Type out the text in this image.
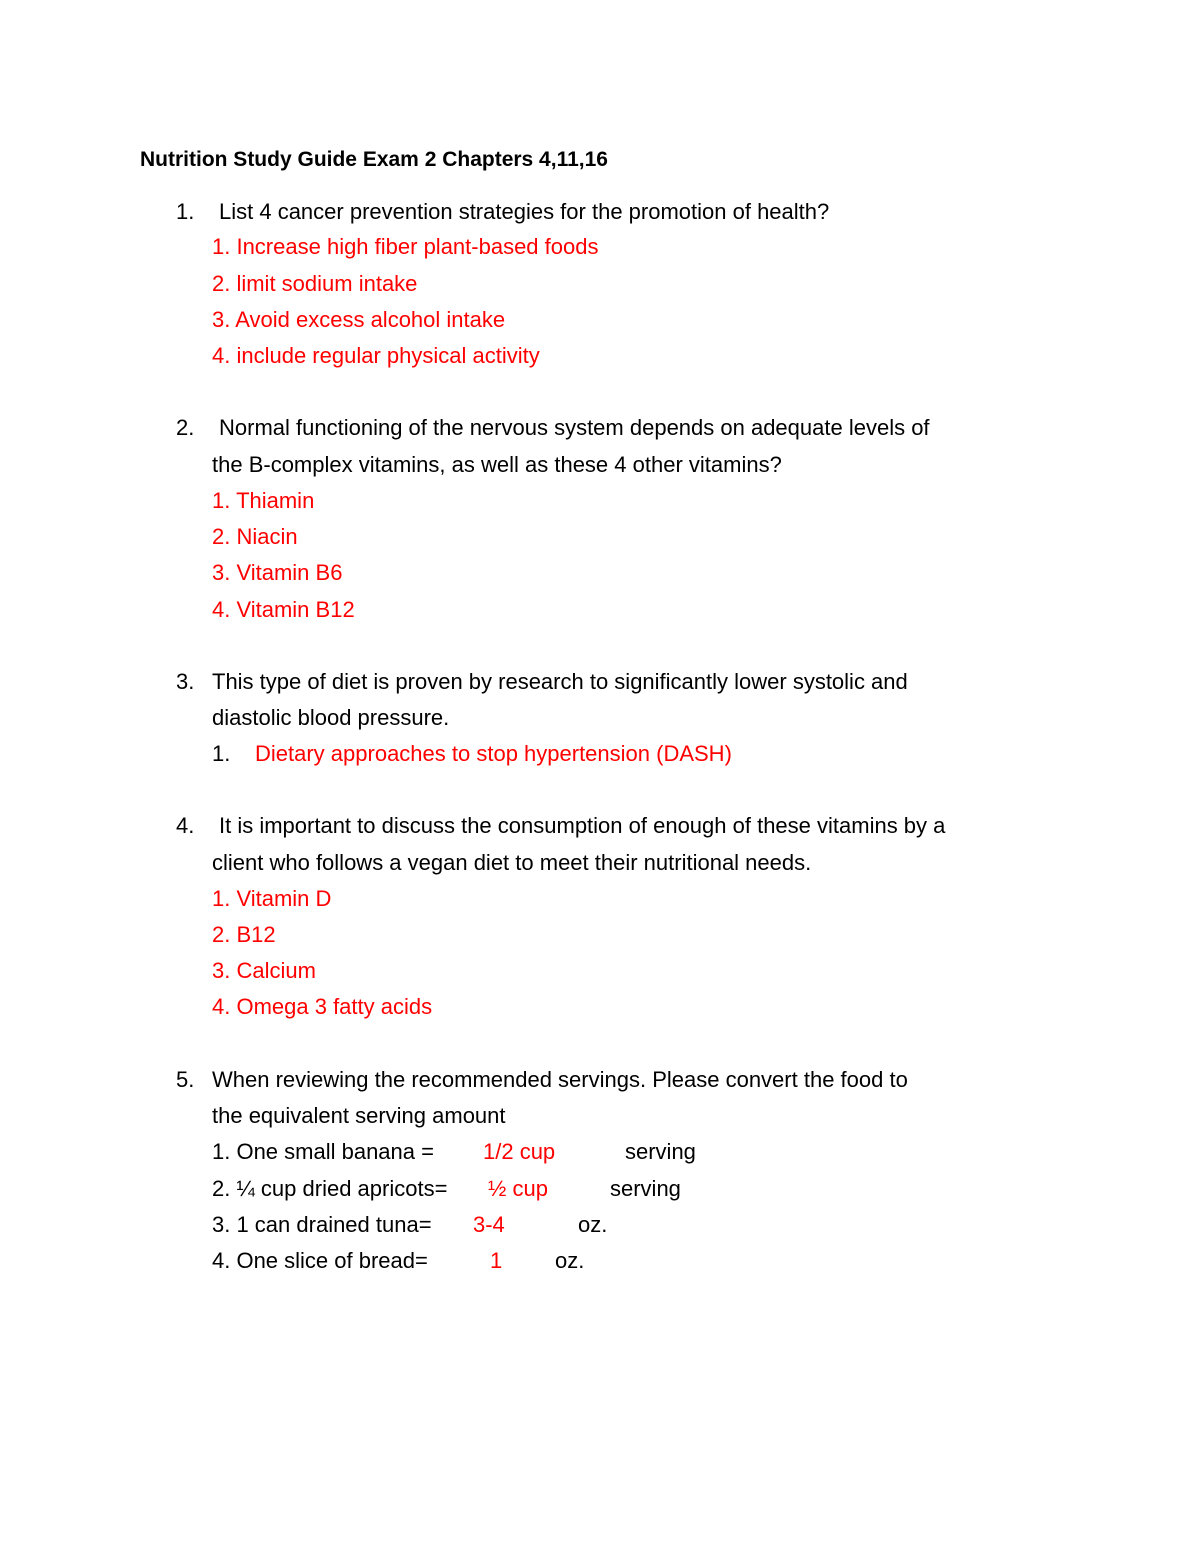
Nutrition Study Guide Exam 2 Chapters 4,11,16
1. List 4 cancer prevention strategies for the promotion of health?
1. Increase high fiber plant-based foods
2. limit sodium intake
3. Avoid excess alcohol intake
4. include regular physical activity
2. Normal functioning of the nervous system depends on adequate levels of
the B-complex vitamins, as well as these 4 other vitamins?
1. Thiamin
2. Niacin
3. Vitamin B6
4. Vitamin B12
3. This type of diet is proven by research to significantly lower systolic and
diastolic blood pressure.
1. Dietary approaches to stop hypertension (DASH)
4. It is important to discuss the consumption of enough of these vitamins by a
client who follows a vegan diet to meet their nutritional needs.
1. Vitamin D
2. B12
3. Calcium
4. Omega 3 fatty acids
5. When reviewing the recommended servings. Please convert the food to
the equivalent serving amount
1. One small banana = 1/2 cup	serving
2. ¼ cup dried apricots= ½ cup	serving
3. 1 can drained tuna= 3-4	oz.
4. One slice of bread=	1 oz.
